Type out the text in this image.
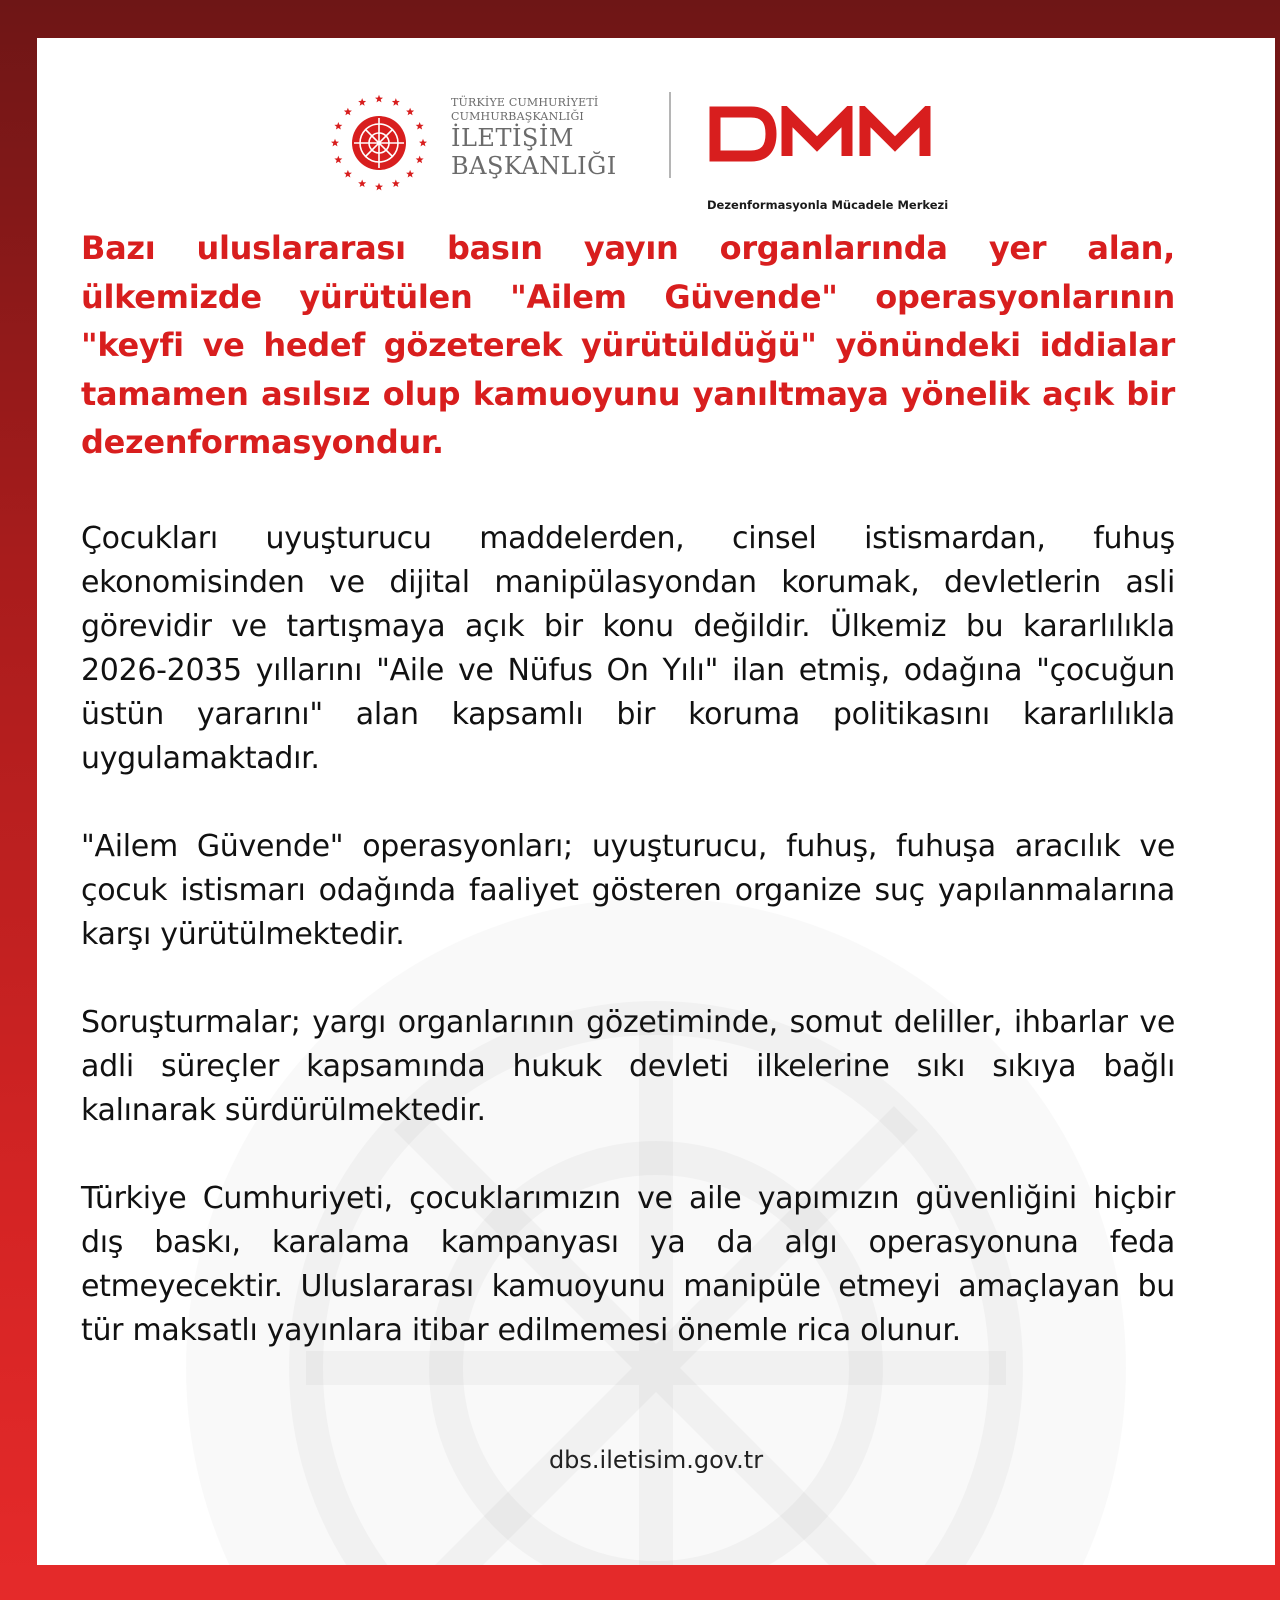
TÜRKİYE CUMHURİYETİ
CUMHURBAŞKANLIĞI
İLETİŞİM
BAŞKANLIĞI
Dezenformasyonla Mücadele Merkezi

Bazı uluslararası basın yayın organlarında yer alan, ülkemizde yürütülen "Ailem Güvende" operasyonlarının "keyfi ve hedef gözeterek yürütüldüğü" yönündeki iddialar tamamen asılsız olup kamuoyunu yanıltmaya yönelik açık bir dezenformasyondur.

Çocukları uyuşturucu maddelerden, cinsel istismardan, fuhuş ekonomisinden ve dijital manipülasyondan korumak, devletlerin asli görevidir ve tartışmaya açık bir konu değildir. Ülkemiz bu kararlılıkla 2026-2035 yıllarını "Aile ve Nüfus On Yılı" ilan etmiş, odağına "çocuğun üstün yararını" alan kapsamlı bir koruma politikasını kararlılıkla uygulamaktadır.

"Ailem Güvende" operasyonları; uyuşturucu, fuhuş, fuhuşa aracılık ve çocuk istismarı odağında faaliyet gösteren organize suç yapılanmalarına karşı yürütülmektedir.

Soruşturmalar; yargı organlarının gözetiminde, somut deliller, ihbarlar ve adli süreçler kapsamında hukuk devleti ilkelerine sıkı sıkıya bağlı kalınarak sürdürülmektedir.

Türkiye Cumhuriyeti, çocuklarımızın ve aile yapımızın güvenliğini hiçbir dış baskı, karalama kampanyası ya da algı operasyonuna feda etmeyecektir. Uluslararası kamuoyunu manipüle etmeyi amaçlayan bu tür maksatlı yayınlara itibar edilmemesi önemle rica olunur.

dbs.iletisim.gov.tr
